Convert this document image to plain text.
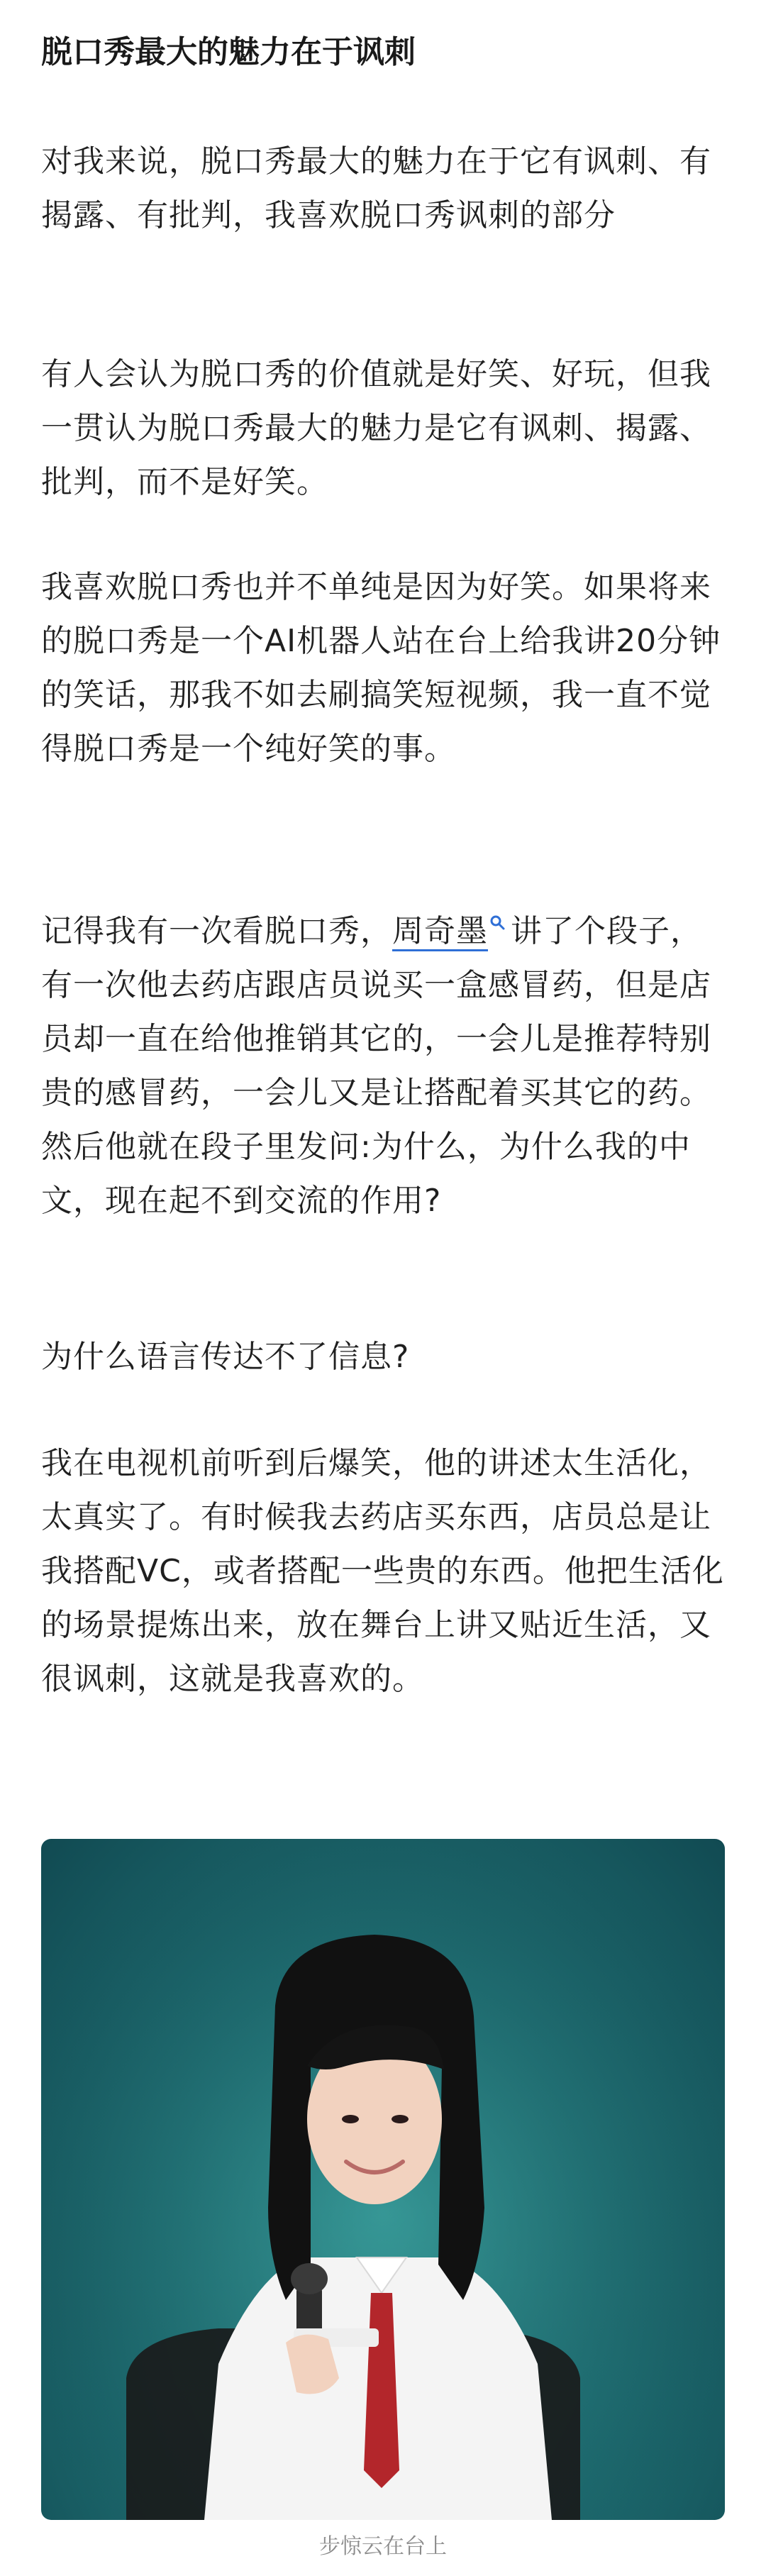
脱口秀最大的魅力在于讽刺

对我来说，脱口秀最大的魅力在于它有讽刺、有揭露、有批判，我喜欢脱口秀讽刺的部分

有人会认为脱口秀的价值就是好笑、好玩，但我一贯认为脱口秀最大的魅力是它有讽刺、揭露、批判，而不是好笑。

我喜欢脱口秀也并不单纯是因为好笑。如果将来的脱口秀是一个AI机器人站在台上给我讲20分钟的笑话，那我不如去刷搞笑短视频，我一直不觉得脱口秀是一个纯好笑的事。

记得我有一次看脱口秀，周奇墨 讲了个段子，有一次他去药店跟店员说买一盒感冒药，但是店员却一直在给他推销其它的，一会儿是推荐特别贵的感冒药，一会儿又是让搭配着买其它的药。然后他就在段子里发问:为什么，为什么我的中文，现在起不到交流的作用?

为什么语言传达不了信息?

我在电视机前听到后爆笑，他的讲述太生活化，太真实了。有时候我去药店买东西，店员总是让我搭配VC，或者搭配一些贵的东西。他把生活化的场景提炼出来，放在舞台上讲又贴近生活，又很讽刺，这就是我喜欢的。

步惊云在台上
